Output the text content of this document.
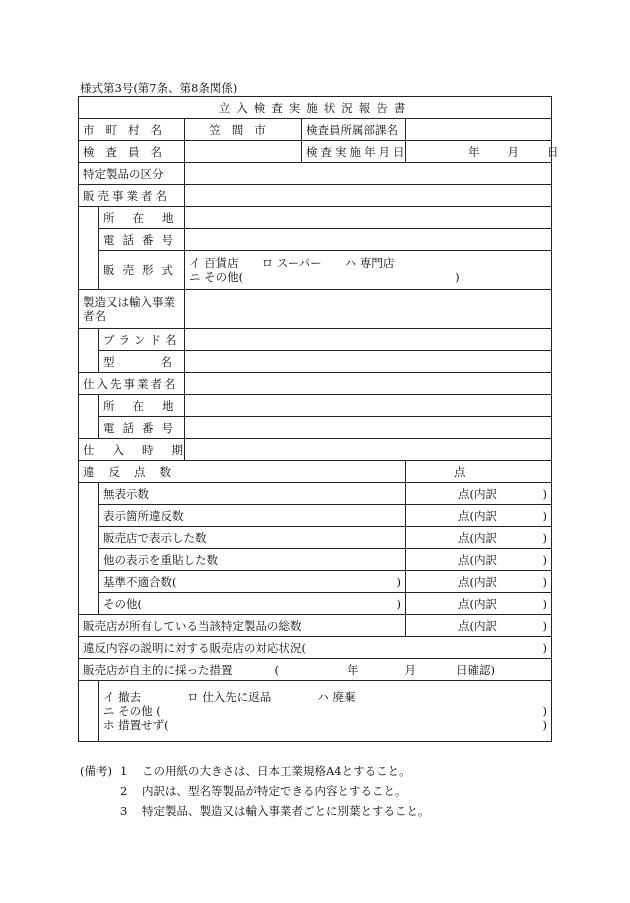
様式第3号(第7条、第8条関係)
立入検査実施状況報告書				
市町村名		笠間市	検査員所属部課名	
検査員名			検査実施年月日	年 月 日
特定製品の区分				
販売事業者名				
	所在地			
	電話番号			
	販売形式	イ 百貨店　　ロ スーパー　　ハ 専門店
ニ その他( )		

製造又は輸入事業者名				
	ブランド名			
	型名			
仕入先事業者名				
	所在地			
	電話番号			
仕入時期				
違反点数				点
	無表示数			点(内訳 )

	表示箇所違反数			点(内訳 )

	販売店で表示した数			点(内訳 )

	他の表示を重貼した数			点(内訳 )

	基準不適合数( )			点(内訳 )

	その他( )			点(内訳 )

販売店が所有している当該特定製品の総数				点(内訳 )

違反内容の説明に対する販売店の対応状況( )				

販売店が自主的に採った措置 ( 年 月 日確認)				

	イ 撤去　　　　ロ 仕入先に返品　　　　ハ 廃棄
ニ その他 ( )
ホ 措置せず( )			
(備考) 1	この用紙の大きさは、日本工業規格A4とすること。
2	内訳は、型名等製品が特定できる内容とすること。
3	特定製品、製造又は輸入事業者ごとに別葉とすること。
